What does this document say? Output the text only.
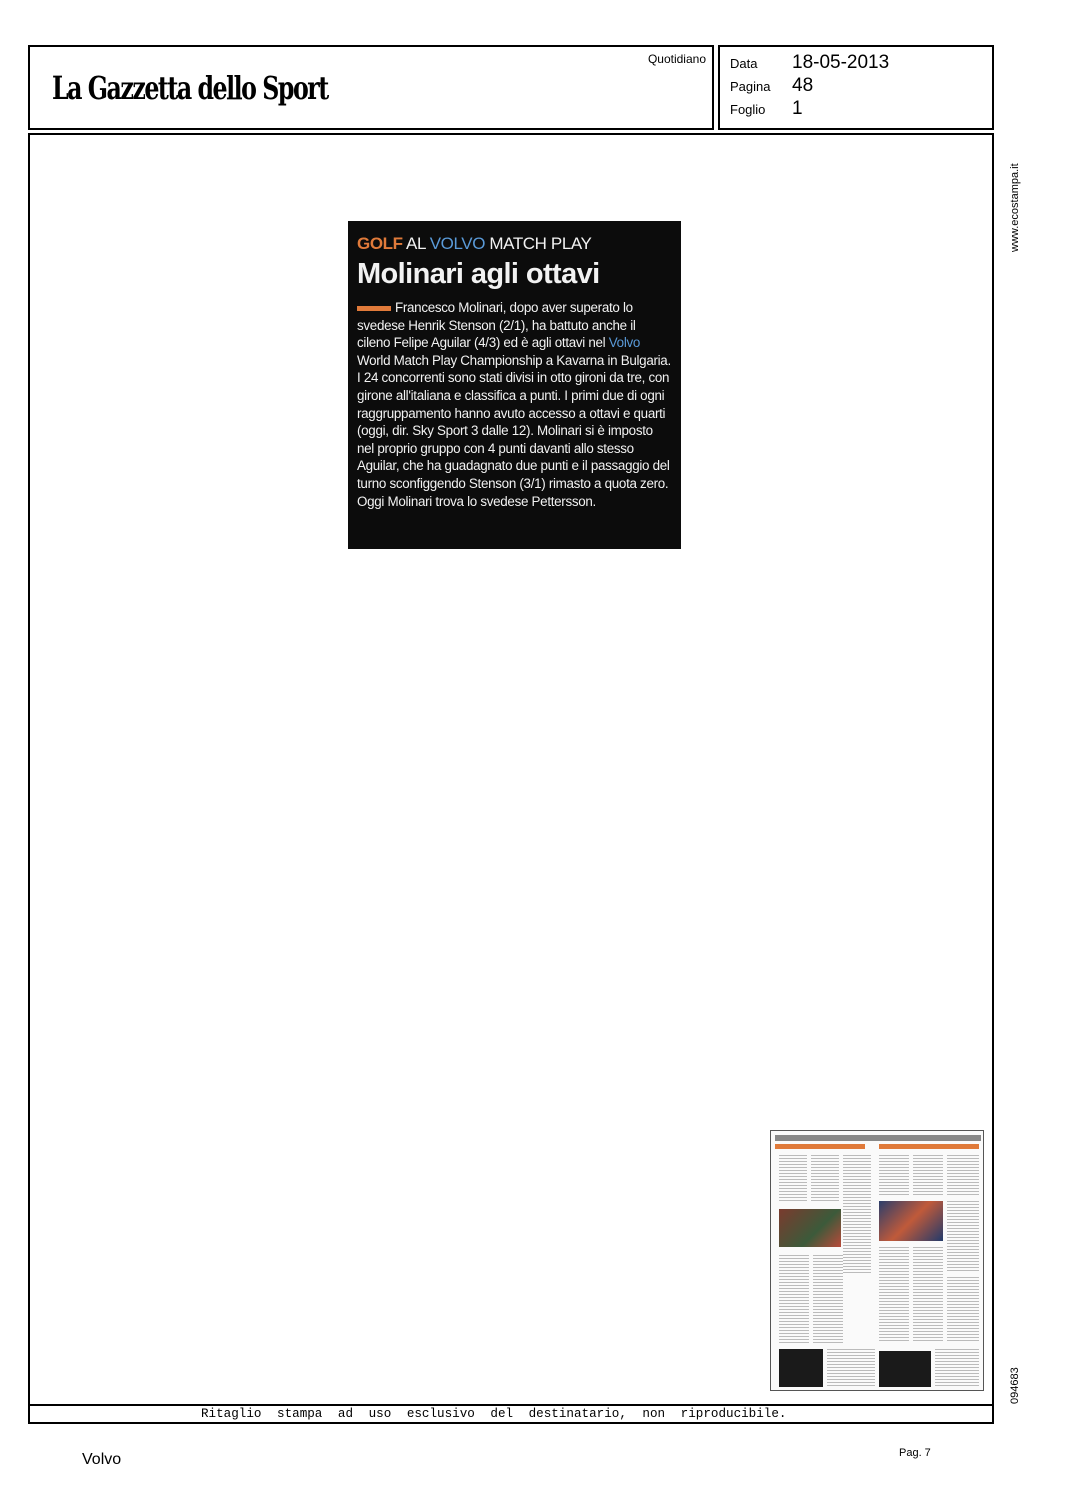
La Gazzetta dello Sport
Quotidiano Data	18-05-2013
Pagina	48
Foglio	1
Ritaglio stampa ad uso esclusivo del destinatario, non riproducibile.
GOLF AL VOLVO MATCH PLAY
Molinari agli ottavi
Francesco Molinari, dopo aver superato lo svedese Henrik Stenson (2/1), ha battuto anche il cileno Felipe Aguilar (4/3) ed è agli ottavi nel Volvo World Match Play Championship a Kavarna in Bulgaria. I 24 concorrenti sono stati divisi in otto gironi da tre, con girone all'italiana e classifica a punti. I primi due di ogni raggruppamento hanno avuto accesso a ottavi e quarti (oggi, dir. Sky Sport 3 dalle 12). Molinari si è imposto nel proprio gruppo con 4 punti davanti allo stesso Aguilar, che ha guadagnato due punti e il passaggio del turno sconfiggendo Stenson (3/1) rimasto a quota zero. Oggi Molinari trova lo svedese Pettersson.
www.ecostampa.it
094683
Volvo	Pag. 7
